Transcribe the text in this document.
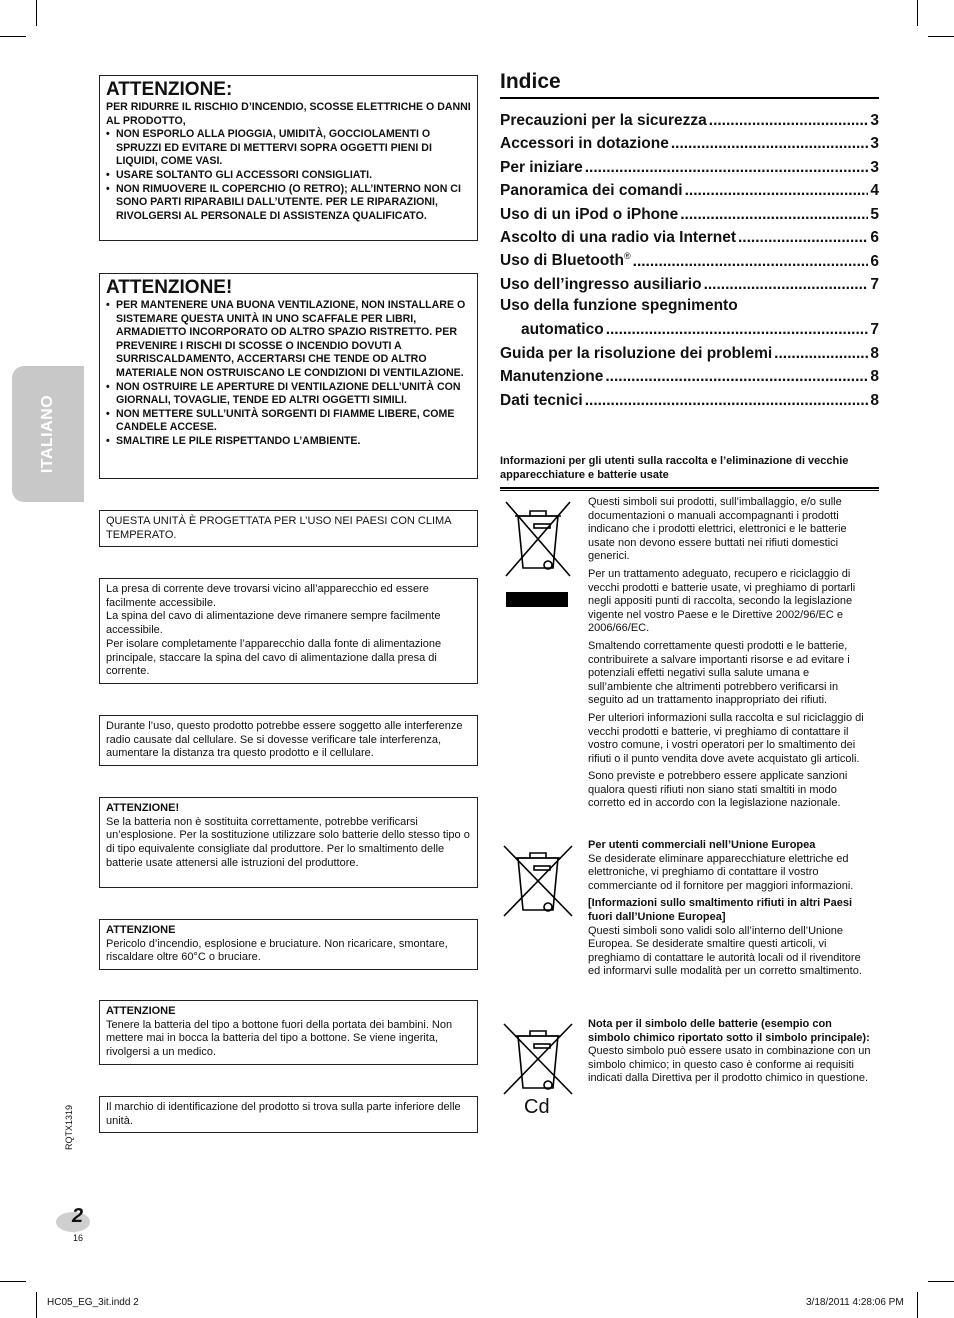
ITALIANO
ATTENZIONE:
PER RIDURRE IL RISCHIO D’INCENDIO, SCOSSE ELETTRICHE O DANNI AL PRODOTTO,
• NON ESPORLO ALLA PIOGGIA, UMIDITÀ, GOCCIOLAMENTI O SPRUZZI ED EVITARE DI METTERVI SOPRA OGGETTI PIENI DI LIQUIDI, COME VASI.
• USARE SOLTANTO GLI ACCESSORI CONSIGLIATI.
• NON RIMUOVERE IL COPERCHIO (O RETRO); ALL’INTERNO NON CI SONO PARTI RIPARABILI DALL’UTENTE. PER LE RIPARAZIONI, RIVOLGERSI AL PERSONALE DI ASSISTENZA QUALIFICATO.
ATTENZIONE!
• PER MANTENERE UNA BUONA VENTILAZIONE, NON INSTALLARE O SISTEMARE QUESTA UNITÀ IN UNO SCAFFALE PER LIBRI, ARMADIETTO INCORPORATO OD ALTRO SPAZIO RISTRETTO. PER PREVENIRE I RISCHI DI SCOSSE O INCENDIO DOVUTI A SURRISCALDAMENTO, ACCERTARSI CHE TENDE OD ALTRO MATERIALE NON OSTRUISCANO LE CONDIZIONI DI VENTILAZIONE.
• NON OSTRUIRE LE APERTURE DI VENTILAZIONE DELL’UNITÀ CON GIORNALI, TOVAGLIE, TENDE ED ALTRI OGGETTI SIMILI.
• NON METTERE SULL’UNITÀ SORGENTI DI FIAMME LIBERE, COME CANDELE ACCESE.
• SMALTIRE LE PILE RISPETTANDO L’AMBIENTE.

QUESTA UNITÀ È PROGETTATA PER L’USO NEI PAESI CON CLIMA TEMPERATO.

La presa di corrente deve trovarsi vicino all’apparecchio ed essere facilmente accessibile.
La spina del cavo di alimentazione deve rimanere sempre facilmente accessibile.
Per isolare completamente l’apparecchio dalla fonte di alimentazione principale, staccare la spina del cavo di alimentazione dalla presa di corrente.

Durante l’uso, questo prodotto potrebbe essere soggetto alle interferenze radio causate dal cellulare. Se si dovesse verificare tale interferenza, aumentare la distanza tra questo prodotto e il cellulare.

ATTENZIONE!

Se la batteria non è sostituita correttamente, potrebbe verificarsi un’esplosione. Per la sostituzione utilizzare solo batterie dello stesso tipo o di tipo equivalente consigliate dal produttore. Per lo smaltimento delle batterie usate attenersi alle istruzioni del produttore.

ATTENZIONE

Pericolo d’incendio, esplosione e bruciature. Non ricaricare, smontare, riscaldare oltre 60°C o bruciare.

ATTENZIONE

Tenere la batteria del tipo a bottone fuori della portata dei bambini. Non mettere mai in bocca la batteria del tipo a bottone. Se viene ingerita, rivolgersi a un medico.

Il marchio di identificazione del prodotto si trova sulla parte inferiore delle unità.

RQTX1319
2
16
Indice
Precauzioni per la sicurezza .....	3
Accessori in dotazione .....	3
Per iniziare .....	3
Panoramica dei comandi .....	4
Uso di un iPod o iPhone .....	5
Ascolto di una radio via Internet .....	6
Uso di Bluetooth® .....	6
Uso dell’ingresso ausiliario .....	7
Uso della funzione spegnimento
automatico .....	7
Guida per la risoluzione dei problemi .....	8
Manutenzione .....	8
Dati tecnici .....	8
Informazioni per gli utenti sulla raccolta e l’eliminazione di vecchie apparecchiature e batterie usate

Questi simboli sui prodotti, sull’imballaggio, e/o sulle documentazioni o manuali accompagnanti i prodotti indicano che i prodotti elettrici, elettronici e le batterie usate non devono essere buttati nei rifiuti domestici generici.

Per un trattamento adeguato, recupero e riciclaggio di vecchi prodotti e batterie usate, vi preghiamo di portarli negli appositi punti di raccolta, secondo la legislazione vigente nel vostro Paese e le Direttive 2002/96/EC e 2006/66/EC.

Smaltendo correttamente questi prodotti e le batterie, contribuirete a salvare importanti risorse e ad evitare i potenziali effetti negativi sulla salute umana e sull’ambiente che altrimenti potrebbero verificarsi in seguito ad un trattamento inappropriato dei rifiuti.

Per ulteriori informazioni sulla raccolta e sul riciclaggio di vecchi prodotti e batterie, vi preghiamo di contattare il vostro comune, i vostri operatori per lo smaltimento dei rifiuti o il punto vendita dove avete acquistato gli articoli.

Sono previste e potrebbero essere applicate sanzioni qualora questi rifiuti non siano stati smaltiti in modo corretto ed in accordo con la legislazione nazionale.

Per utenti commerciali nell’Unione Europea

Se desiderate eliminare apparecchiature elettriche ed elettroniche, vi preghiamo di contattare il vostro commerciante od il fornitore per maggiori informazioni.

[Informazioni sullo smaltimento rifiuti in altri Paesi fuori dall’Unione Europea]

Questi simboli sono validi solo all’interno dell’Unione Europea. Se desiderate smaltire questi articoli, vi preghiamo di contattare le autorità locali od il rivenditore ed informarvi sulle modalità per un corretto smaltimento.

Cd

Nota per il simbolo delle batterie (esempio con simbolo chimico riportato sotto il simbolo principale):

Questo simbolo può essere usato in combinazione con un simbolo chimico; in questo caso è conforme ai requisiti indicati dalla Direttiva per il prodotto chimico in questione.

HC05_EG_3it.indd 2	3/18/2011 4:28:06 PM
